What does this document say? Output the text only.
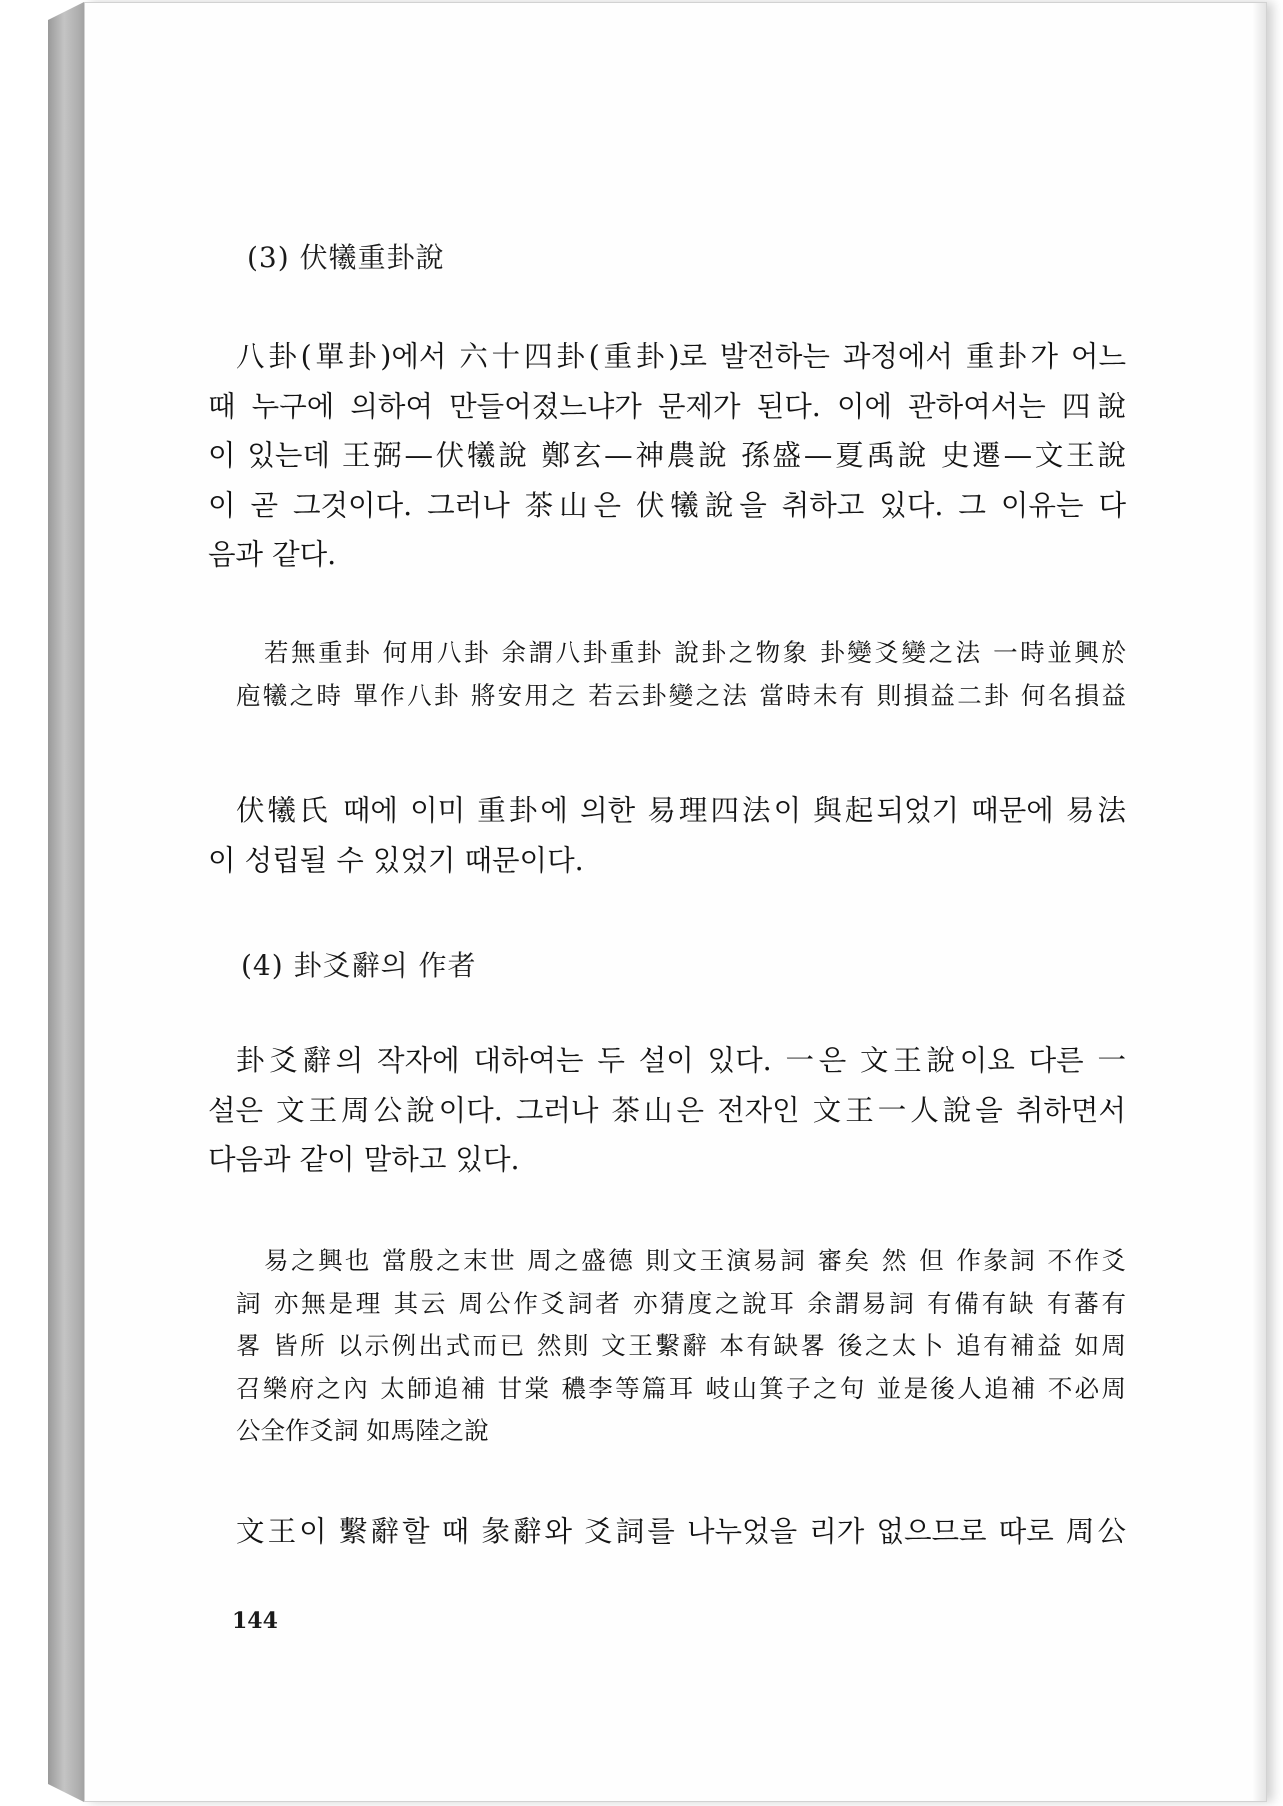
(3) 伏犧重卦說
八卦(單卦)에서 六十四卦(重卦)로 발전하는 과정에서 重卦가 어느
때 누구에 의하여 만들어졌느냐가 문제가 된다. 이에 관하여서는 四說
이 있는데 王弼—伏犧說 鄭玄—神農說 孫盛—夏禹說 史遷—文王說
이 곧 그것이다. 그러나 茶山은 伏犧說을 취하고 있다. 그 이유는 다
음과 같다.
若無重卦 何用八卦 余謂八卦重卦 說卦之物象 卦變爻變之法 一時並興於
庖犧之時 單作八卦 將安用之 若云卦變之法 當時未有 則損益二卦 何名損益
伏犧氏 때에 이미 重卦에 의한 易理四法이 與起되었기 때문에 易法
이 성립될 수 있었기 때문이다.
(4) 卦爻辭의 作者
卦爻辭의 작자에 대하여는 두 설이 있다. 一은 文王說이요 다른 一
설은 文王周公說이다. 그러나 茶山은 전자인 文王一人說을 취하면서
다음과 같이 말하고 있다.
易之興也 當殷之末世 周之盛德 則文王演易詞 審矣 然 但 作彖詞 不作爻
詞 亦無是理 其云 周公作爻詞者 亦猜度之說耳 余謂易詞 有備有缺 有蕃有
畧 皆所 以示例出式而已 然則 文王繫辭 本有缺畧 後之太卜 追有補益 如周
召樂府之內 太師追補 甘棠 穠李等篇耳 岐山箕子之句 並是後人追補 不必周
公全作爻詞 如馬陸之說
文王이 繫辭할 때 彖辭와 爻詞를 나누었을 리가 없으므로 따로 周公
144
